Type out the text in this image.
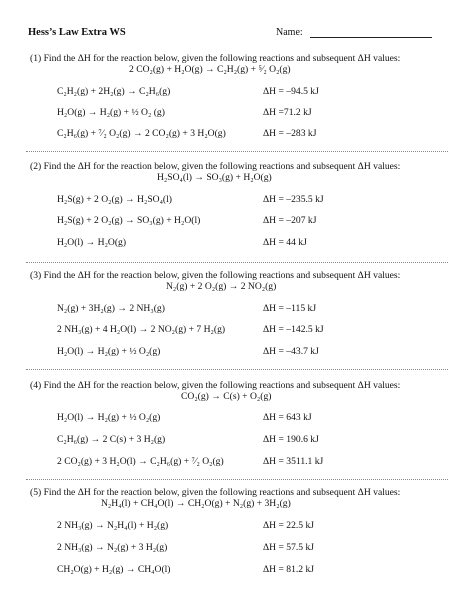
Hess’s Law Extra WS	Name:
(1) Find the ΔH for the reaction below, given the following reactions and subsequent ΔH values:
2 CO₂(g) + H₂O(g) → C₂H₂(g) + ⁵⁄₂ O₂(g)
C₂H₂(g) + 2H₂(g) → C₂H₆(g)	ΔH = –94.5 kJ
H₂O(g) → H₂(g) + ½ O₂ (g)	ΔH =71.2 kJ
C₂H₆(g) + ⁷⁄₂ O₂(g) → 2 CO₂(g) + 3 H₂O(g)	ΔH = –283 kJ
(2) Find the ΔH for the reaction below, given the following reactions and subsequent ΔH values:
H₂SO₄(l) → SO₃(g) + H₂O(g)
H₂S(g) + 2 O₂(g) → H₂SO₄(l)	ΔH = –235.5 kJ
H₂S(g) + 2 O₂(g) → SO₃(g) + H₂O(l)	ΔH = –207 kJ
H₂O(l) → H₂O(g)	ΔH = 44 kJ
(3) Find the ΔH for the reaction below, given the following reactions and subsequent ΔH values:
N₂(g) + 2 O₂(g) → 2 NO₂(g)
N₂(g) + 3H₂(g) → 2 NH₃(g)	ΔH = –115 kJ
2 NH₃(g) + 4 H₂O(l) → 2 NO₂(g) + 7 H₂(g)	ΔH = –142.5 kJ
H₂O(l) → H₂(g) + ½ O₂(g)	ΔH = –43.7 kJ
(4) Find the ΔH for the reaction below, given the following reactions and subsequent ΔH values:
CO₂(g) → C(s) + O₂(g)
H₂O(l) → H₂(g) + ½ O₂(g)	ΔH = 643 kJ
C₂H₆(g) → 2 C(s) + 3 H₂(g)	ΔH = 190.6 kJ
2 CO₂(g) + 3 H₂O(l) → C₂H₆(g) + ⁷⁄₂ O₂(g)	ΔH = 3511.1 kJ
(5) Find the ΔH for the reaction below, given the following reactions and subsequent ΔH values:
N₂H₄(l) + CH₄O(l) → CH₂O(g) + N₂(g) + 3H₂(g)
2 NH₃(g) → N₂H₄(l) + H₂(g)	ΔH = 22.5 kJ
2 NH₃(g) → N₂(g) + 3 H₂(g)	ΔH = 57.5 kJ
CH₂O(g) + H₂(g) → CH₄O(l)	ΔH = 81.2 kJ
